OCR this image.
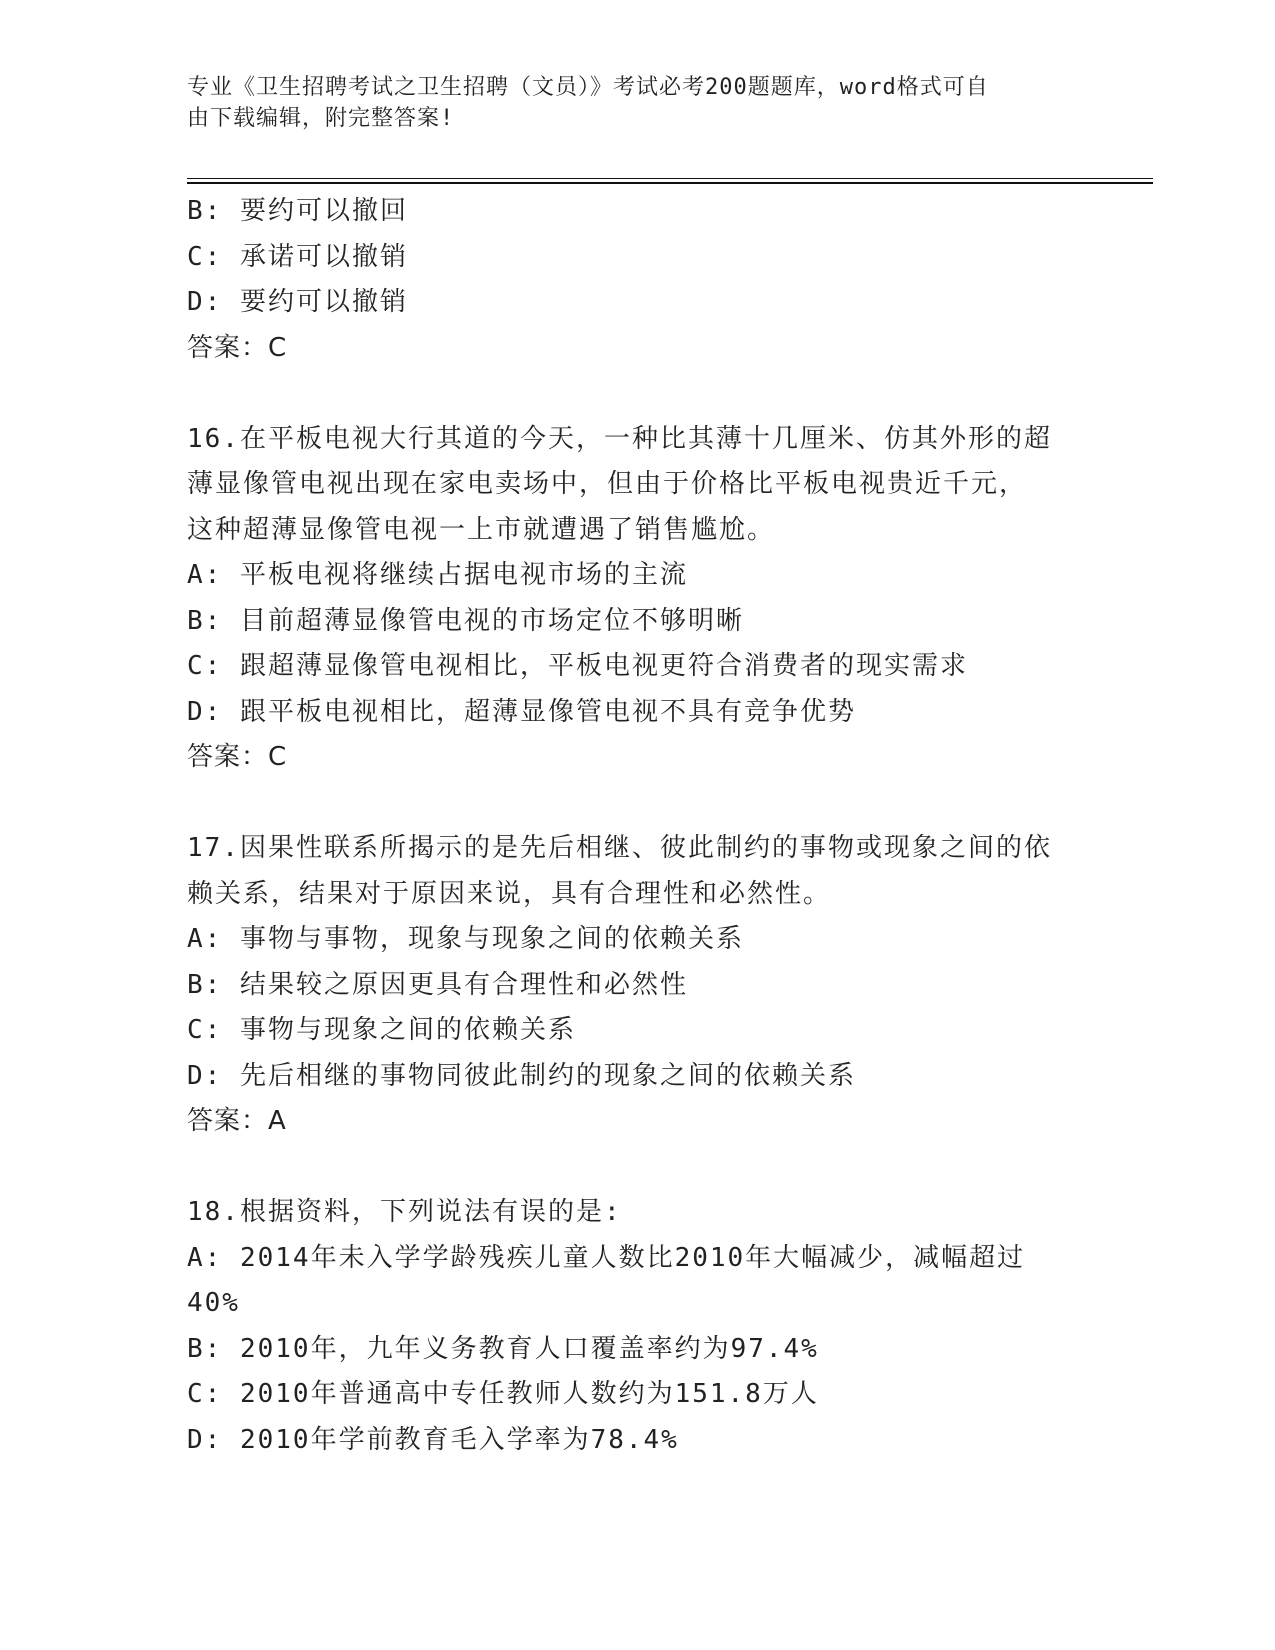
专业《卫生招聘考试之卫生招聘（文员）》考试必考200题题库，word格式可自
由下载编辑，附完整答案!
B: 要约可以撤回
C: 承诺可以撤销
D: 要约可以撤销
答案：C
16.在平板电视大行其道的今天，一种比其薄十几厘米、仿其外形的超
薄显像管电视出现在家电卖场中，但由于价格比平板电视贵近千元，
这种超薄显像管电视一上市就遭遇了销售尴尬。
A: 平板电视将继续占据电视市场的主流
B: 目前超薄显像管电视的市场定位不够明晰
C: 跟超薄显像管电视相比，平板电视更符合消费者的现实需求
D: 跟平板电视相比，超薄显像管电视不具有竞争优势
答案：C
17.因果性联系所揭示的是先后相继、彼此制约的事物或现象之间的依
赖关系，结果对于原因来说，具有合理性和必然性。
A: 事物与事物，现象与现象之间的依赖关系
B: 结果较之原因更具有合理性和必然性
C: 事物与现象之间的依赖关系
D: 先后相继的事物同彼此制约的现象之间的依赖关系
答案：A
18.根据资料，下列说法有误的是:
A: 2014年未入学学龄残疾儿童人数比2010年大幅减少，减幅超过
40%
B: 2010年，九年义务教育人口覆盖率约为97.4%
C: 2010年普通高中专任教师人数约为151.8万人
D: 2010年学前教育毛入学率为78.4%
